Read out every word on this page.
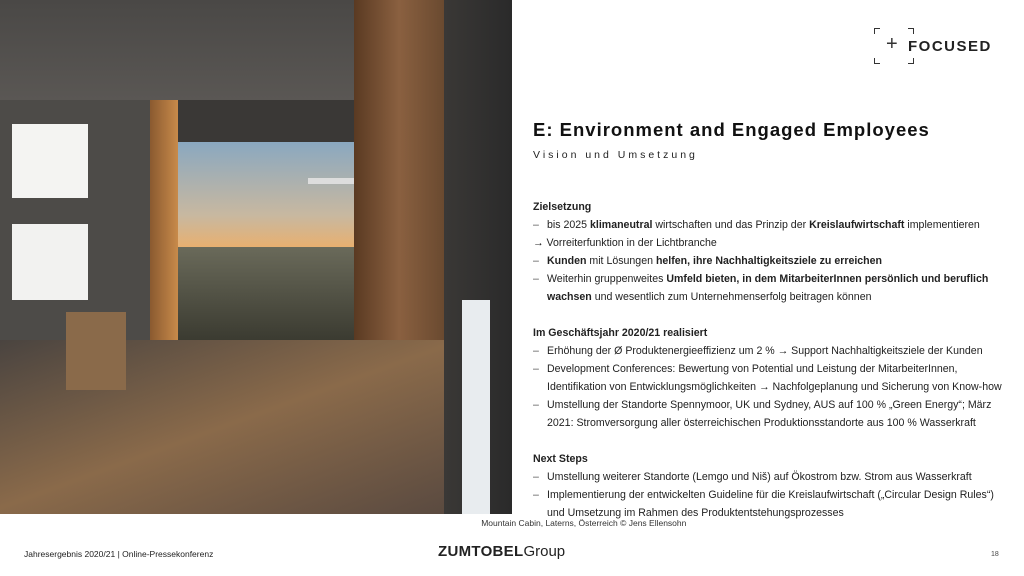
Mountain Cabin, Laterns, Österreich © Jens Ellensohn
+ FOCUSED
E: Environment and Engaged Employees
Vision und Umsetzung
Zielsetzung
– bis 2025 klimaneutral wirtschaften und das Prinzip der Kreislaufwirtschaft implementieren
→ Vorreiterfunktion in der Lichtbranche
– Kunden mit Lösungen helfen, ihre Nachhaltigkeitsziele zu erreichen
– Weiterhin gruppenweites Umfeld bieten, in dem MitarbeiterInnen persönlich und beruflich wachsen und wesentlich zum Unternehmenserfolg beitragen können
Im Geschäftsjahr 2020/21 realisiert
– Erhöhung der Ø Produktenergieeffizienz um 2 % → Support Nachhaltigkeitsziele der Kunden
– Development Conferences: Bewertung von Potential und Leistung der MitarbeiterInnen, Identifikation von Entwicklungsmöglichkeiten → Nachfolgeplanung und Sicherung von Know-how
– Umstellung der Standorte Spennymoor, UK und Sydney, AUS auf 100 % „Green Energy“; März 2021: Stromversorgung aller österreichischen Produktionsstandorte aus 100 % Wasserkraft
Next Steps
– Umstellung weiterer Standorte (Lemgo und Niš) auf Ökostrom bzw. Strom aus Wasserkraft
– Implementierung der entwickelten Guideline für die Kreislaufwirtschaft („Circular Design Rules“) und Umsetzung im Rahmen des Produktentstehungsprozesses
Jahresergebnis 2020/21 | Online-Pressekonferenz	ZUMTOBELGroup	18
